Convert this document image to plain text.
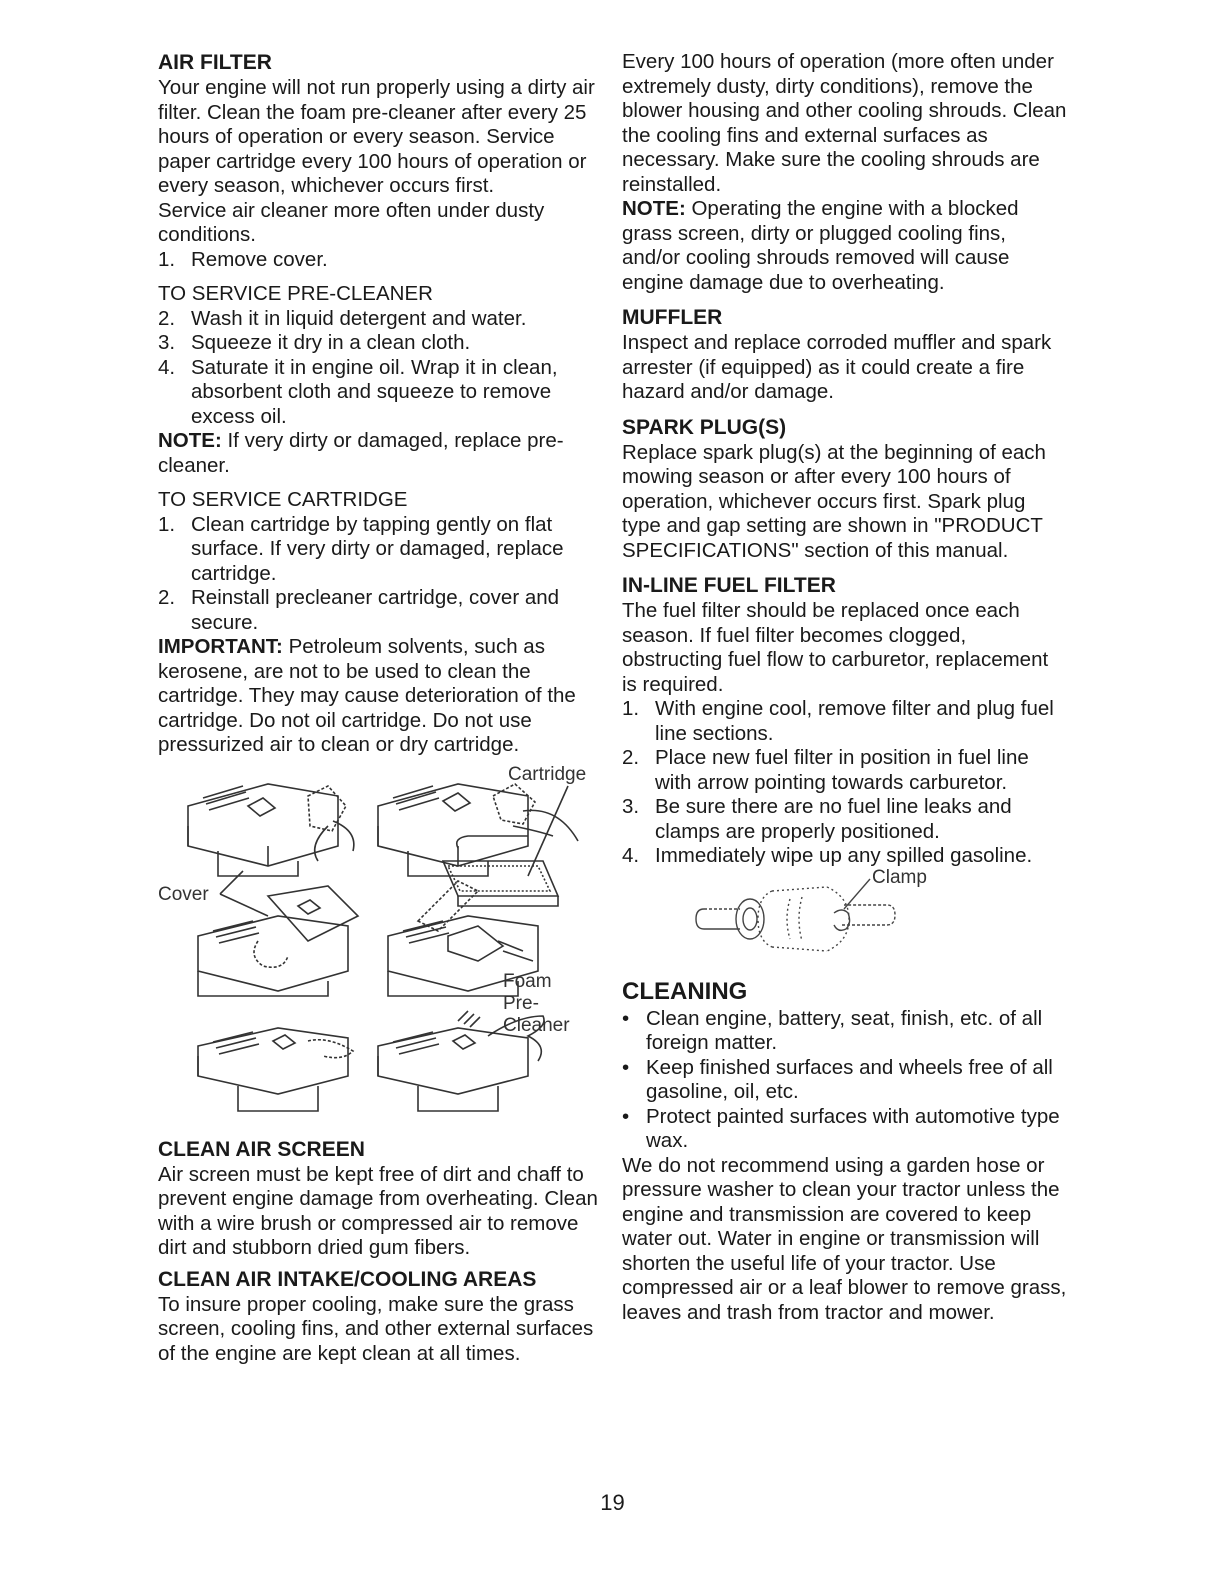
AIR FILTER
Your engine will not run properly using a dirty air filter. Clean the foam pre-cleaner after every 25 hours of operation or every season. Service paper cartridge every 100 hours of operation or every season, whichever occurs first.
Service air cleaner more often under dusty conditions.
1. Remove cover.
TO SERVICE PRE-CLEANER
2. Wash it in liquid detergent and water.
3. Squeeze it dry in a clean cloth.
4. Saturate it in engine oil. Wrap it in clean, absorbent cloth and squeeze to remove excess oil.
NOTE: If very dirty or damaged, replace pre-cleaner.
TO SERVICE CARTRIDGE
1. Clean cartridge by tapping gently on flat surface. If very dirty or damaged, replace cartridge.
2. Reinstall precleaner cartridge, cover and secure.
IMPORTANT: Petroleum solvents, such as kerosene, are not to be used to clean the cartridge. They may cause deterioration of the cartridge. Do not oil cartridge. Do not use pressurized air to clean or dry cartridge.
Cartridge
Cover
Foam
Pre-
Cleaner
CLEAN AIR SCREEN
Air screen must be kept free of dirt and chaff to prevent engine damage from overheating. Clean with a wire brush or compressed air to remove dirt and stubborn dried gum fibers.
CLEAN AIR INTAKE/COOLING AREAS
To insure proper cooling, make sure the grass screen, cooling fins, and other external surfaces of the engine are kept clean at all times.
Every 100 hours of operation (more often under extremely dusty, dirty conditions), remove the blower housing and other cooling shrouds. Clean the cooling fins and external surfaces as necessary. Make sure the cooling shrouds are reinstalled.
NOTE: Operating the engine with a blocked grass screen, dirty or plugged cooling fins, and/or cooling shrouds removed will cause engine damage due to overheating.
MUFFLER
Inspect and replace corroded muffler and spark arrester (if equipped) as it could create a fire hazard and/or damage.
SPARK PLUG(S)
Replace spark plug(s) at the beginning of each mowing season or after every 100 hours of operation, whichever occurs first. Spark plug type and gap setting are shown in "PRODUCT SPECIFICATIONS" section of this manual.
IN-LINE FUEL FILTER
The fuel filter should be replaced once each season. If fuel filter becomes clogged, obstructing fuel flow to carburetor, replacement is required.
1. With engine cool, remove filter and plug fuel line sections.
2. Place new fuel filter in position in fuel line with arrow pointing towards carburetor.
3. Be sure there are no fuel line leaks and clamps are properly positioned.
4. Immediately wipe up any spilled gasoline.
Clamp
CLEANING
• Clean engine, battery, seat, finish, etc. of all foreign matter.
• Keep finished surfaces and wheels free of all gasoline, oil, etc.
• Protect painted surfaces with automotive type wax.
We do not recommend using a garden hose or pressure washer to clean your tractor unless the engine and transmission are covered to keep water out. Water in engine or transmission will shorten the useful life of your tractor. Use compressed air or a leaf blower to remove grass, leaves and trash from tractor and mower.
19
